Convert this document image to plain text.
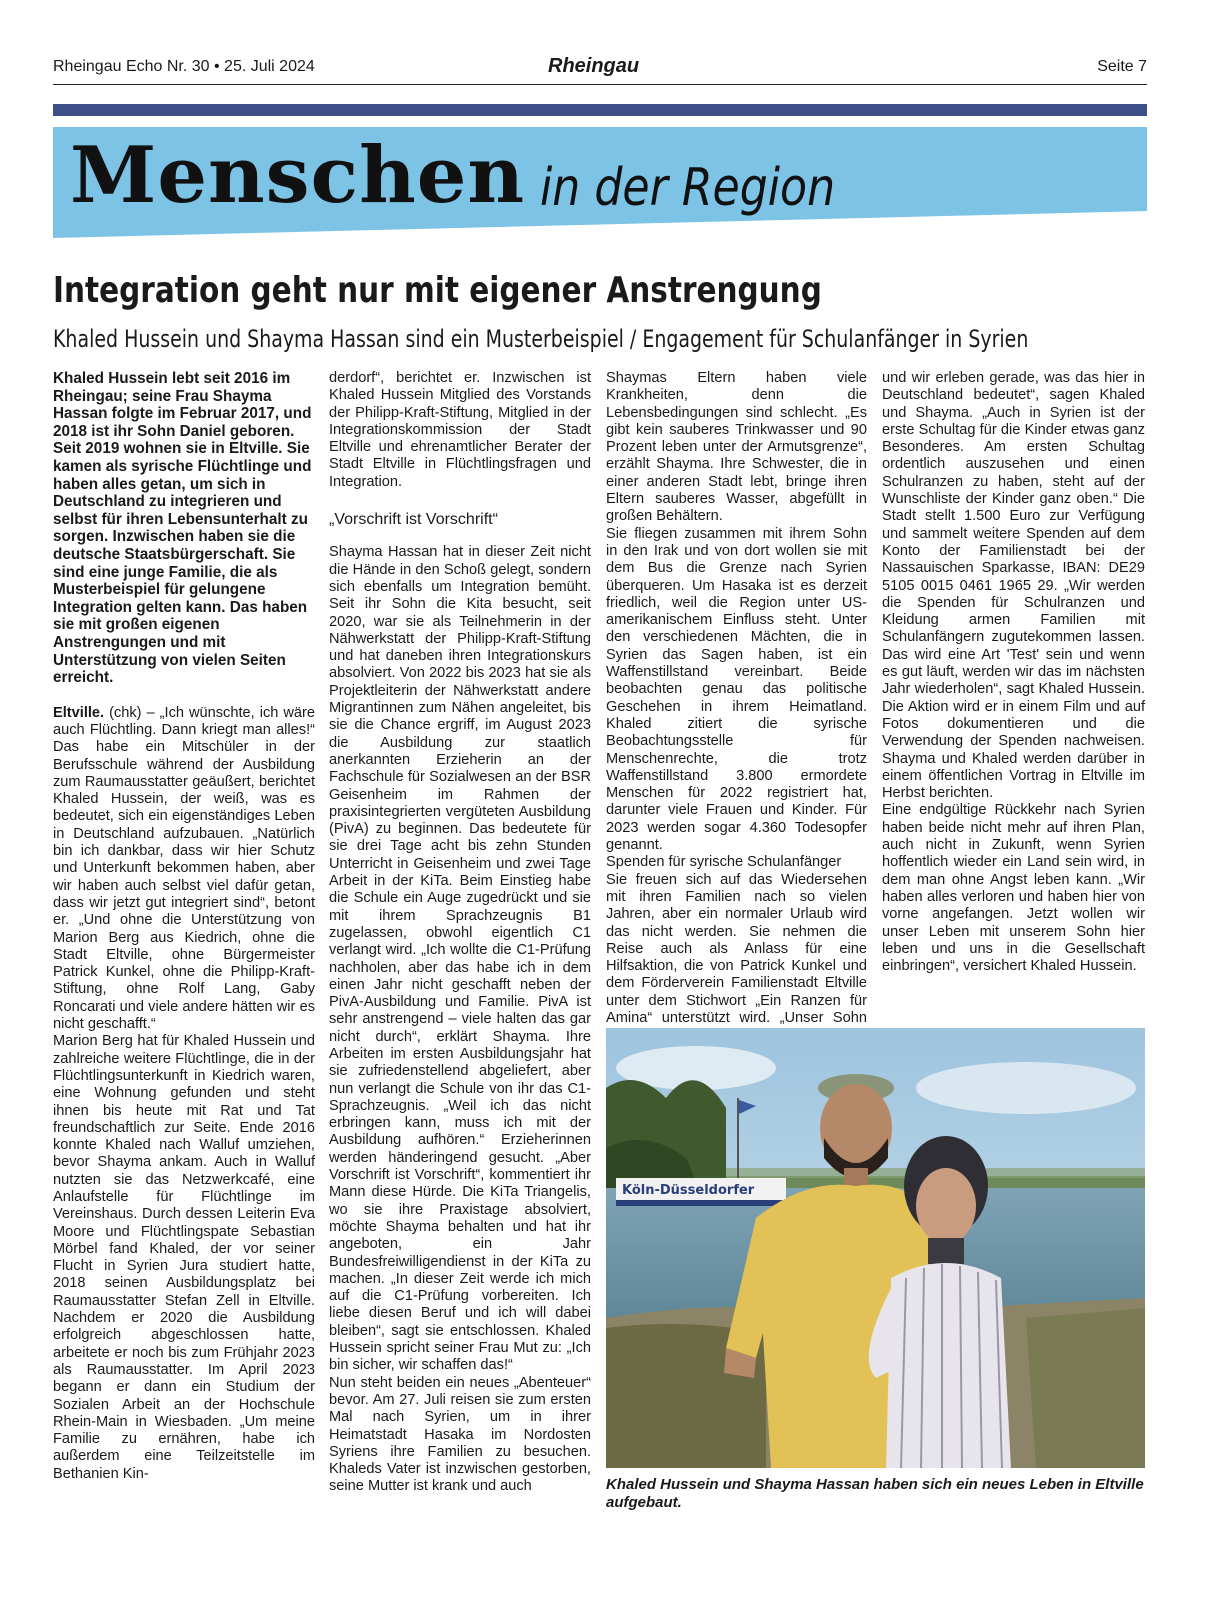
Rheingau Echo Nr. 30 • 25. Juli 2024	Rheingau	Seite 7
Menschen in der Region
Integration geht nur mit eigener Anstrengung
Khaled Hussein und Shayma Hassan sind ein Musterbeispiel / Engagement für Schulanfänger in Syrien

Khaled Hussein lebt seit 2016 im Rheingau; seine Frau Shayma Hassan folgte im Februar 2017, und 2018 ist ihr Sohn Daniel geboren. Seit 2019 wohnen sie in Eltville. Sie kamen als syrische Flüchtlinge und haben alles getan, um sich in Deutschland zu integrieren und selbst für ihren Lebensunterhalt zu sorgen. Inzwischen haben sie die deutsche Staatsbürgerschaft. Sie sind eine junge Familie, die als Musterbeispiel für gelungene Integration gelten kann. Das haben sie mit großen eigenen Anstrengungen und mit Unterstützung von vielen Seiten erreicht.

Eltville. (chk) – „Ich wünschte, ich wäre auch Flüchtling. Dann kriegt man alles!“ Das habe ein Mitschüler in der Berufsschule während der Ausbildung zum Raumausstatter geäußert, berichtet Khaled Hussein, der weiß, was es bedeutet, sich ein eigenständiges Leben in Deutschland aufzubauen. „Natürlich bin ich dankbar, dass wir hier Schutz und Unterkunft bekommen haben, aber wir haben auch selbst viel dafür getan, dass wir jetzt gut integriert sind“, betont er. „Und ohne die Unterstützung von Marion Berg aus Kiedrich, ohne die Stadt Eltville, ohne Bürgermeister Patrick Kunkel, ohne die Philipp-Kraft-Stiftung, ohne Rolf Lang, Gaby Roncarati und viele andere hätten wir es nicht geschafft.“

Marion Berg hat für Khaled Hussein und zahlreiche weitere Flüchtlinge, die in der Flüchtlingsunterkunft in Kiedrich waren, eine Wohnung gefunden und steht ihnen bis heute mit Rat und Tat freundschaftlich zur Seite. Ende 2016 konnte Khaled nach Walluf umziehen, bevor Shayma ankam. Auch in Walluf nutzten sie das Netzwerkcafé, eine Anlaufstelle für Flüchtlinge im Vereinshaus. Durch dessen Leiterin Eva Moore und Flüchtlingspate Sebastian Mörbel fand Khaled, der vor seiner Flucht in Syrien Jura studiert hatte, 2018 seinen Ausbildungsplatz bei Raumausstatter Stefan Zell in Eltville. Nachdem er 2020 die Ausbildung erfolgreich abgeschlossen hatte, arbeitete er noch bis zum Frühjahr 2023 als Raumausstatter. Im April 2023 begann er dann ein Studium der Sozialen Arbeit an der Hochschule Rhein-Main in Wiesbaden. „Um meine Familie zu ernähren, habe ich außerdem eine Teilzeitstelle im Bethanien Kin-

derdorf“, berichtet er. Inzwischen ist Khaled Hussein Mitglied des Vorstands der Philipp-Kraft-Stiftung, Mitglied in der Integrationskommission der Stadt Eltville und ehrenamtlicher Berater der Stadt Eltville in Flüchtlingsfragen und Integration.

„Vorschrift ist Vorschrift“

Shayma Hassan hat in dieser Zeit nicht die Hände in den Schoß gelegt, sondern sich ebenfalls um Integration bemüht. Seit ihr Sohn die Kita besucht, seit 2020, war sie als Teilnehmerin in der Nähwerkstatt der Philipp-Kraft-Stiftung und hat daneben ihren Integrationskurs absolviert. Von 2022 bis 2023 hat sie als Projektleiterin der Nähwerkstatt andere Migrantinnen zum Nähen angeleitet, bis sie die Chance ergriff, im August 2023 die Ausbildung zur staatlich anerkannten Erzieherin an der Fachschule für Sozialwesen an der BSR Geisenheim im Rahmen der praxisintegrierten vergüteten Ausbildung (PivA) zu beginnen. Das bedeutete für sie drei Tage acht bis zehn Stunden Unterricht in Geisenheim und zwei Tage Arbeit in der KiTa. Beim Einstieg habe die Schule ein Auge zugedrückt und sie mit ihrem Sprachzeugnis B1 zugelassen, obwohl eigentlich C1 verlangt wird. „Ich wollte die C1-Prüfung nachholen, aber das habe ich in dem einen Jahr nicht geschafft neben der PivA-Ausbildung und Familie. PivA ist sehr anstrengend – viele halten das gar nicht durch“, erklärt Shayma. Ihre Arbeiten im ersten Ausbildungsjahr hat sie zufriedenstellend abgeliefert, aber nun verlangt die Schule von ihr das C1-Sprachzeugnis. „Weil ich das nicht erbringen kann, muss ich mit der Ausbildung aufhören.“ Erzieherinnen werden händeringend gesucht. „Aber Vorschrift ist Vorschrift“, kommentiert ihr Mann diese Hürde. Die KiTa Triangelis, wo sie ihre Praxistage absolviert, möchte Shayma behalten und hat ihr angeboten, ein Jahr Bundesfreiwilligendienst in der KiTa zu machen. „In dieser Zeit werde ich mich auf die C1-Prüfung vorbereiten. Ich liebe diesen Beruf und ich will dabei bleiben“, sagt sie entschlossen. Khaled Hussein spricht seiner Frau Mut zu: „Ich bin sicher, wir schaffen das!“

Nun steht beiden ein neues „Abenteuer“ bevor. Am 27. Juli reisen sie zum ersten Mal nach Syrien, um in ihrer Heimatstadt Hasaka im Nordosten Syriens ihre Familien zu besuchen. Khaleds Vater ist inzwischen gestorben, seine Mutter ist krank und auch

Shaymas Eltern haben viele Krankheiten, denn die Lebensbedingungen sind schlecht. „Es gibt kein sauberes Trinkwasser und 90 Prozent leben unter der Armutsgrenze“, erzählt Shayma. Ihre Schwester, die in einer anderen Stadt lebt, bringe ihren Eltern sauberes Wasser, abgefüllt in großen Behältern.

Sie fliegen zusammen mit ihrem Sohn in den Irak und von dort wollen sie mit dem Bus die Grenze nach Syrien überqueren. Um Hasaka ist es derzeit friedlich, weil die Region unter US-amerikanischem Einfluss steht. Unter den verschiedenen Mächten, die in Syrien das Sagen haben, ist ein Waffenstillstand vereinbart. Beide beobachten genau das politische Geschehen in ihrem Heimatland. Khaled zitiert die syrische Beobachtungsstelle für Menschenrechte, die trotz Waffenstillstand 3.800 ermordete Menschen für 2022 registriert hat, darunter viele Frauen und Kinder. Für 2023 werden sogar 4.360 Todesopfer genannt.

Spenden für syrische Schulanfänger

Sie freuen sich auf das Wiedersehen mit ihren Familien nach so vielen Jahren, aber ein normaler Urlaub wird das nicht werden. Sie nehmen die Reise auch als Anlass für eine Hilfsaktion, die von Patrick Kunkel und dem Förderverein Familienstadt Eltville unter dem Stichwort „Ein Ranzen für Amina“ unterstützt wird. „Unser Sohn

und wir erleben gerade, was das hier in Deutschland bedeutet“, sagen Khaled und Shayma. „Auch in Syrien ist der erste Schultag für die Kinder etwas ganz Besonderes. Am ersten Schultag ordentlich auszusehen und einen Schulranzen zu haben, steht auf der Wunschliste der Kinder ganz oben.“ Die Stadt stellt 1.500 Euro zur Verfügung und sammelt weitere Spenden auf dem Konto der Familienstadt bei der Nassauischen Sparkasse, IBAN: DE29 5105 0015 0461 1965 29. „Wir werden die Spenden für Schulranzen und Kleidung armen Familien mit Schulanfängern zugutekommen lassen. Das wird eine Art 'Test' sein und wenn es gut läuft, werden wir das im nächsten Jahr wiederholen“, sagt Khaled Hussein. Die Aktion wird er in einem Film und auf Fotos dokumentieren und die Verwendung der Spenden nachweisen. Shayma und Khaled werden darüber in einem öffentlichen Vortrag in Eltville im Herbst berichten.

Eine endgültige Rückkehr nach Syrien haben beide nicht mehr auf ihren Plan, auch nicht in Zukunft, wenn Syrien hoffentlich wieder ein Land sein wird, in dem man ohne Angst leben kann. „Wir haben alles verloren und haben hier von vorne angefangen. Jetzt wollen wir unser Leben mit unserem Sohn hier leben und uns in die Gesellschaft einbringen“, versichert Khaled Hussein.

Köln-Düsseldorfer
Khaled Hussein und Shayma Hassan haben sich ein neues Leben in Eltville aufgebaut.
